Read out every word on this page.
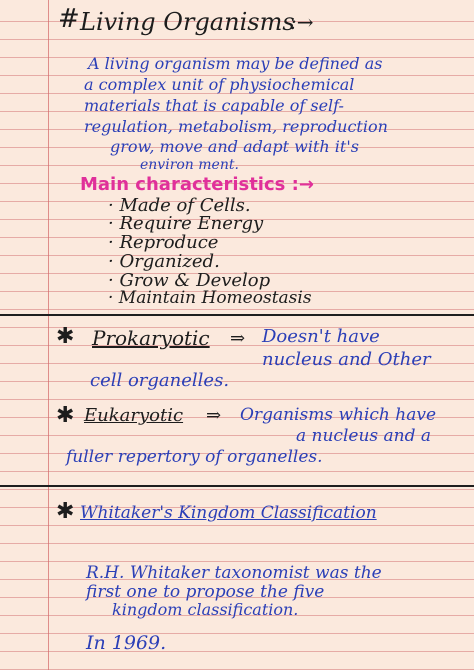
# Living Organisms
:→
A living organism may be defined as
a complex unit of physiochemical
materials that is capable of self-
regulation, metabolism, reproduction
grow, move and adapt with it's
environ ment.
Main characteristics :→
· Made of Cells.
· Require Energy
· Reproduce
· Organized.
· Grow & Develop
· Maintain Homeostasis
✱ Prokaryotic ⇒ Doesn't have
nucleus and Other
cell organelles.
✱ Eukaryotic ⇒ Organisms which have
a nucleus and a
fuller repertory of organelles.
✱ Whitaker's Kingdom Classification
R.H. Whitaker taxonomist was the
first one to propose the five
kingdom classification.
In 1969.
